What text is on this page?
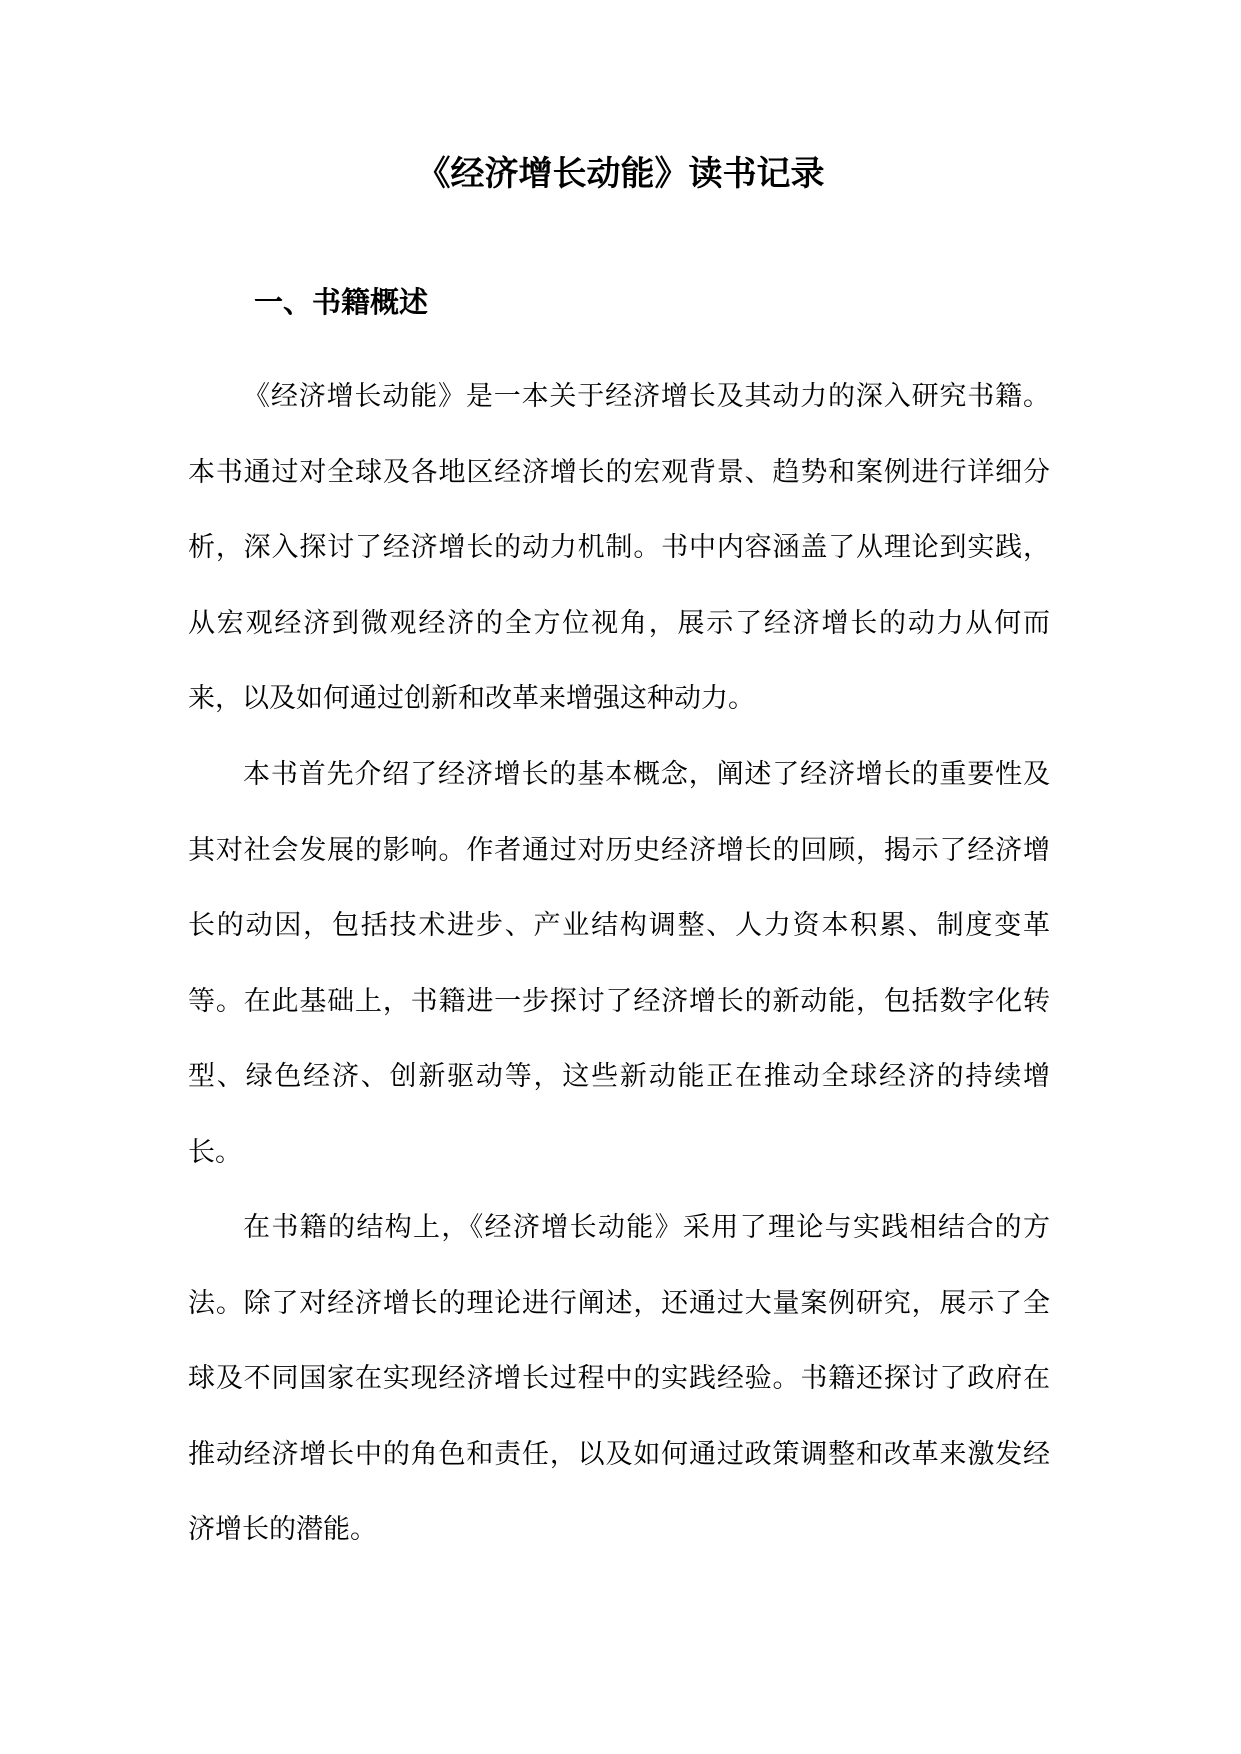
《经济增长动能》读书记录
一、书籍概述

《经济增长动能》是一本关于经济增长及其动力的深入研究书籍。本书通过对全球及各地区经济增长的宏观背景、趋势和案例进行详细分析，深入探讨了经济增长的动力机制。书中内容涵盖了从理论到实践，从宏观经济到微观经济的全方位视角，展示了经济增长的动力从何而来，以及如何通过创新和改革来增强这种动力。

本书首先介绍了经济增长的基本概念，阐述了经济增长的重要性及其对社会发展的影响。作者通过对历史经济增长的回顾，揭示了经济增长的动因，包括技术进步、产业结构调整、人力资本积累、制度变革等。在此基础上，书籍进一步探讨了经济增长的新动能，包括数字化转型、绿色经济、创新驱动等，这些新动能正在推动全球经济的持续增长。

在书籍的结构上，《经济增长动能》采用了理论与实践相结合的方法。除了对经济增长的理论进行阐述，还通过大量案例研究，展示了全球及不同国家在实现经济增长过程中的实践经验。书籍还探讨了政府在推动经济增长中的角色和责任，以及如何通过政策调整和改革来激发经济增长的潜能。
